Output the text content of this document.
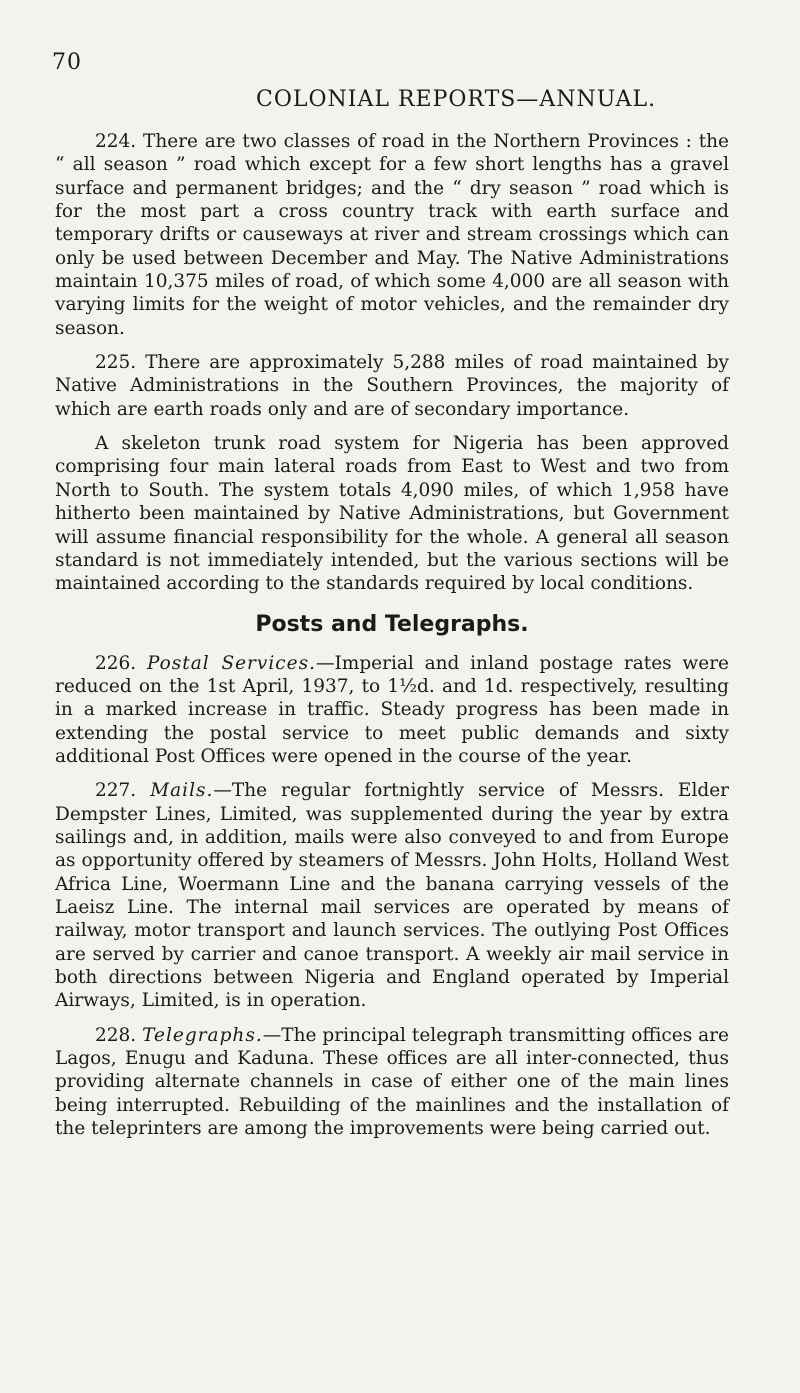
70
COLONIAL REPORTS—ANNUAL.

224. There are two classes of road in the Northern Provinces : the “ all season ” road which except for a few short lengths has a gravel surface and permanent bridges; and the “ dry season ” road which is for the most part a cross country track with earth surface and temporary drifts or causeways at river and stream crossings which can only be used between December and May. The Native Administrations maintain 10,375 miles of road, of which some 4,000 are all season with varying limits for the weight of motor vehicles, and the remainder dry season.

225. There are approximately 5,288 miles of road maintained by Native Administrations in the Southern Provinces, the majority of which are earth roads only and are of secondary importance.

A skeleton trunk road system for Nigeria has been approved comprising four main lateral roads from East to West and two from North to South. The system totals 4,090 miles, of which 1,958 have hitherto been maintained by Native Administrations, but Government will assume financial responsibility for the whole. A general all season standard is not immediately intended, but the various sections will be maintained according to the standards required by local conditions.

Posts and Telegraphs.

226. Postal Services.—Imperial and inland postage rates were reduced on the 1st April, 1937, to 1½d. and 1d. respectively, resulting in a marked increase in traffic. Steady progress has been made in extending the postal service to meet public demands and sixty additional Post Offices were opened in the course of the year.

227. Mails.—The regular fortnightly service of Messrs. Elder Dempster Lines, Limited, was supplemented during the year by extra sailings and, in addition, mails were also conveyed to and from Europe as opportunity offered by steamers of Messrs. John Holts, Holland West Africa Line, Woermann Line and the banana carrying vessels of the Laeisz Line. The internal mail services are operated by means of railway, motor transport and launch services. The outlying Post Offices are served by carrier and canoe transport. A weekly air mail service in both directions between Nigeria and England operated by Imperial Airways, Limited, is in operation.

228. Telegraphs.—The principal telegraph transmitting offices are Lagos, Enugu and Kaduna. These offices are all inter-connected, thus providing alternate channels in case of either one of the main lines being interrupted. Rebuilding of the mainlines and the installation of the teleprinters are among the improvements were being carried out.
